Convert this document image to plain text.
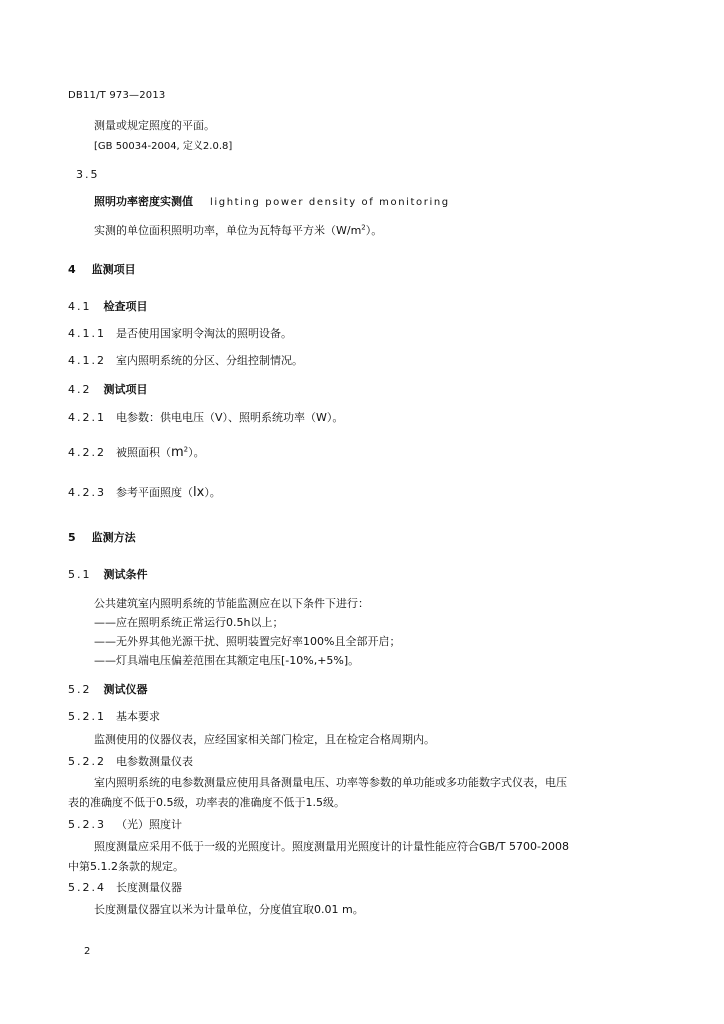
DB11/T 973—2013
测量或规定照度的平面。
[GB 50034-2004, 定义2.0.8]
3.5
照明功率密度实测值 lighting power density of monitoring
实测的单位面积照明功率，单位为瓦特每平方米$(W/m^2)$。
4 监测项目
4.1 检查项目
4.1.1 是否使用国家明令淘汰的照明设备。
4.1.2 室内照明系统的分区、分组控制情况。
4.2 测试项目
4.2.1 电参数：供电电压（V）、照明系统功率（W）。
4.2.2 被照面积$(m^2)$。
4.2.3 参考平面照度（lx）。
5 监测方法
5.1 测试条件
公共建筑室内照明系统的节能监测应在以下条件下进行：
——应在照明系统正常运行0.5h以上；
——无外界其他光源干扰、照明装置完好率100%且全部开启；
——灯具端电压偏差范围在其额定电压[-10%,+5%]。
5.2 测试仪器
5.2.1 基本要求
监测使用的仪器仪表，应经国家相关部门检定，且在检定合格周期内。
5.2.2 电参数测量仪表
室内照明系统的电参数测量应使用具备测量电压、功率等参数的单功能或多功能数字式仪表，电压
表的准确度不低于0.5级，功率表的准确度不低于1.5级。
5.2.3 （光）照度计
照度测量应采用不低于一级的光照度计。照度测量用光照度计的计量性能应符合GB/T 5700-2008
中第5.1.2条款的规定。
5.2.4 长度测量仪器
长度测量仪器宜以米为计量单位，分度值宜取0.01 m。
2
